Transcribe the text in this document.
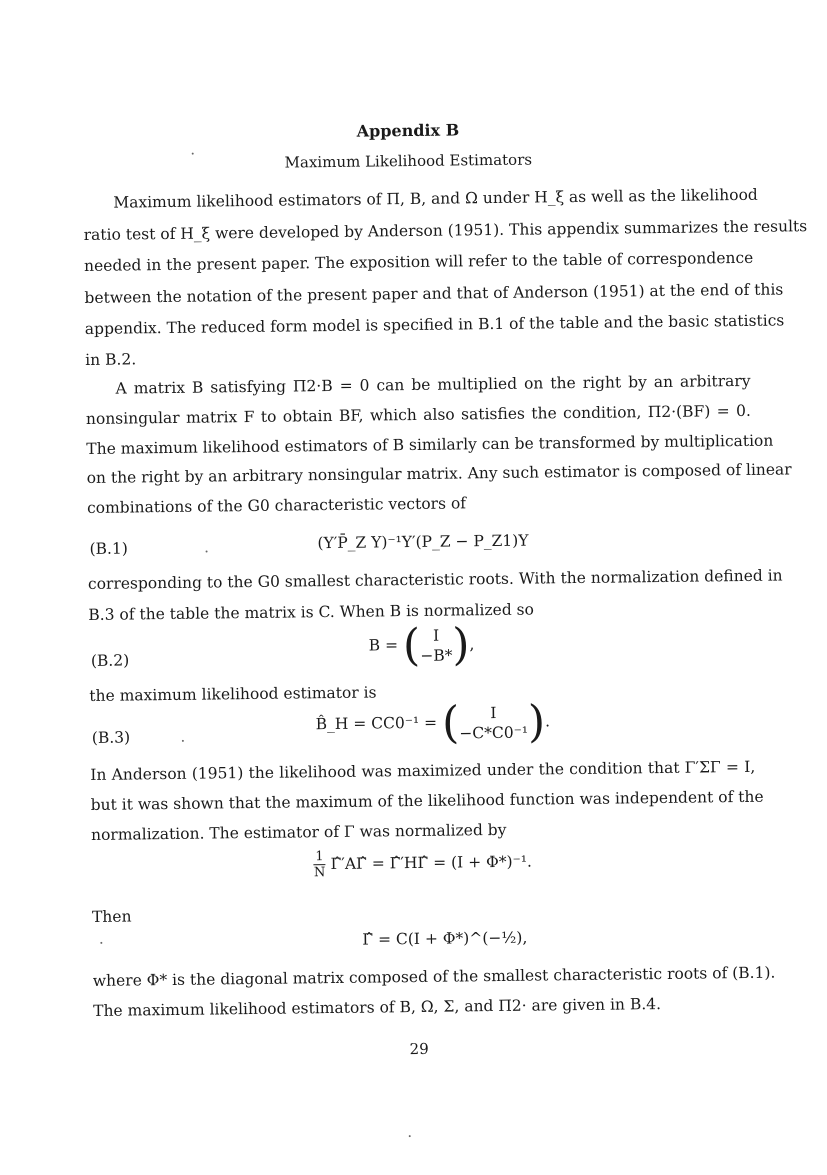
Appendix B
Maximum Likelihood Estimators
Maximum likelihood estimators of Π, B, and Ω under H_ξ as well as the likelihood
ratio test of H_ξ were developed by Anderson (1951). This appendix summarizes the results
needed in the present paper. The exposition will refer to the table of correspondence
between the notation of the present paper and that of Anderson (1951) at the end of this
appendix. The reduced form model is specified in B.1 of the table and the basic statistics
in B.2.
A matrix B satisfying Π2·B = 0 can be multiplied on the right by an arbitrary
nonsingular matrix F to obtain BF, which also satisfies the condition, Π2·(BF) = 0.
The maximum likelihood estimators of B similarly can be transformed by multiplication
on the right by an arbitrary nonsingular matrix. Any such estimator is composed of linear
combinations of the G0 characteristic vectors of
(B.1)	(Y′P̄_Z Y)⁻¹Y′(P_Z − P_Z1)Y
corresponding to the G0 smallest characteristic roots. With the normalization defined in
B.3 of the table the matrix is C. When B is normalized so
(B.2)
B = ( I
−B*),
the maximum likelihood estimator is
(B.3)
B̂_H = CC0⁻¹ = ( I
−C*C0⁻¹).
In Anderson (1951) the likelihood was maximized under the condition that Γ′ΣΓ = I,
but it was shown that the maximum of the likelihood function was independent of the
normalization. The estimator of Γ was normalized by
$\frac{1}{N}$ Γ̂′AΓ̂ = Γ̂′HΓ̂ = (I + Φ*)⁻¹.
Then
Γ̂ = C(I + Φ*)^(−½),
where Φ* is the diagonal matrix composed of the smallest characteristic roots of (B.1).
The maximum likelihood estimators of B, Ω, Σ, and Π2· are given in B.4.
29
